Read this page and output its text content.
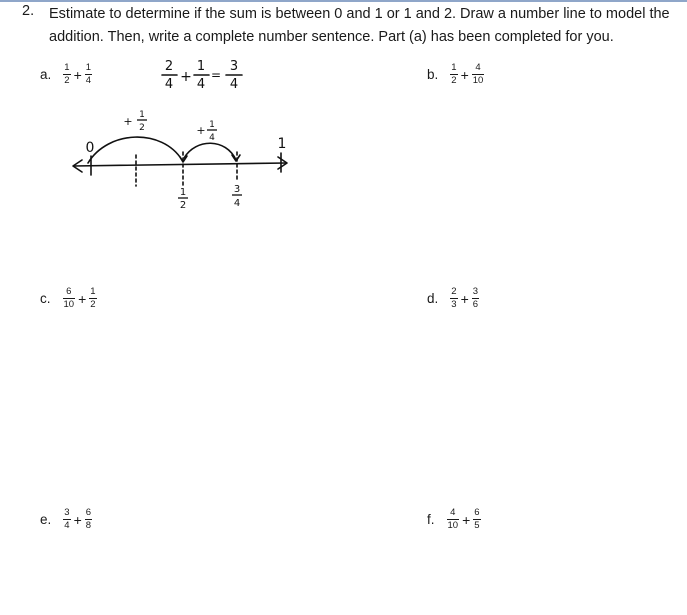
2. Estimate to determine if the sum is between 0 and 1 or 1 and 2. Draw a number line to model the
addition. Then, write a complete number sentence. Part (a) has been completed for you.
a. $\frac{1}{2} + \frac{1}{4}$	b. $\frac{1}{2} + \frac{4}{10}$
c. $\frac{6}{10} + \frac{1}{2}$	d. $\frac{2}{3} + \frac{3}{6}$
e. $\frac{3}{4} + \frac{6}{8}$	f. $\frac{4}{10} + \frac{6}{5}$
2
4 +
1
4
=
3
4
0	1
+ 1
2	+ 1
4
1
2
3
4
